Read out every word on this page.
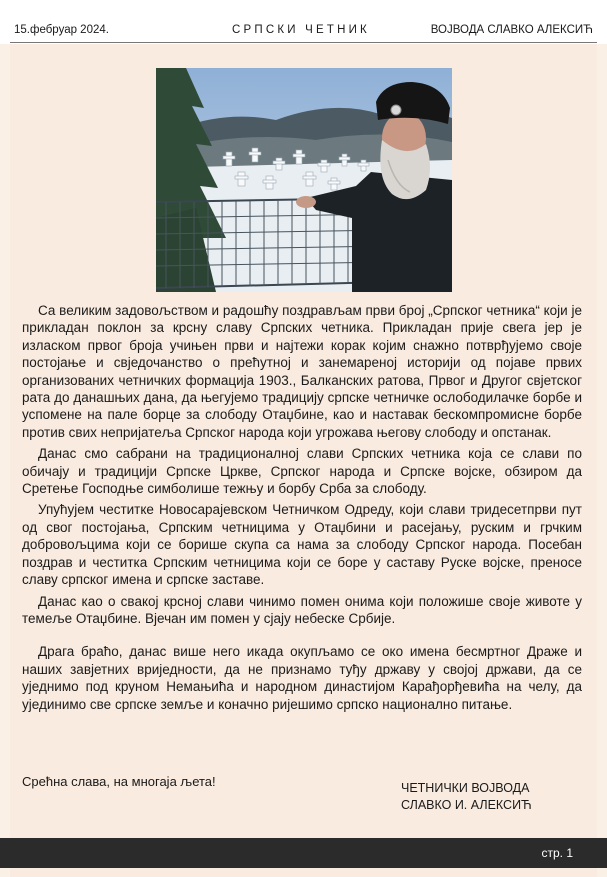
15.фебруар 2024.	СРПСКИ ЧЕТНИК	ВОЈВОДА СЛАВКО АЛЕКСИЋ

Са великим задовољством и радошћу поздрављам први број „Српског четника“ који је прикладан поклон за крсну славу Српских четника. Прикладан прије свега јер је изласком првог броја учињен први и најтежи корак којим снажно потврђујемо своје постојање и свједочанство о прећутној и занемареној историји од појаве првих организованих четничких формација 1903., Балканских ратова, Првог и Другог свјетског рата до данашњих дана, да његујемо традицију српске четничке ослободилачке борбе и успомене на пале борце за слободу Отаџбине, као и наставак бескомпромисне борбе против свих непријатеља Српског народа који угрожава његову слободу и опстанак.

Данас смо сабрани на традиционалној слави Српских четника која се слави по обичају и традицији Српске Цркве, Српског народа и Српске војске, обзиром да Сретење Господње симболише тежњу и борбу Срба за слободу.

Упућујем честитке Новосарајевском Четничком Одреду, који слави тридесетпрви пут од свог постојања, Српским четницима у Отаџбини и расејању, руским и грчким добровољцима који се боришe скупа са нама за слободу Српског народа. Посебан поздрав и честитка Српским четницима који се боре у саставу Руске војске, преносе славу српског имена и српске заставе.

Данас као о свакој крсној слави чинимо помен онима који положише своје животе у темеље Отаџбине. Вјечан им помен у сјају небеске Србије.

Драга браћо, данас више него икада окупљамо се око имена бесмртног Драже и наших завјетних вриједности, да не признамо туђу државу у својој држави, да се уједнимо под круном Немањића и народном династијом Карађорђевића на челу, да ујединимо све српске земље и коначно ријешимо српско национално питање.

Срећна слава, на многаја љета!	ЧЕТНИЧКИ ВОЈВОДА
СЛАВКО И. АЛЕКСИЋ
стр. 1
